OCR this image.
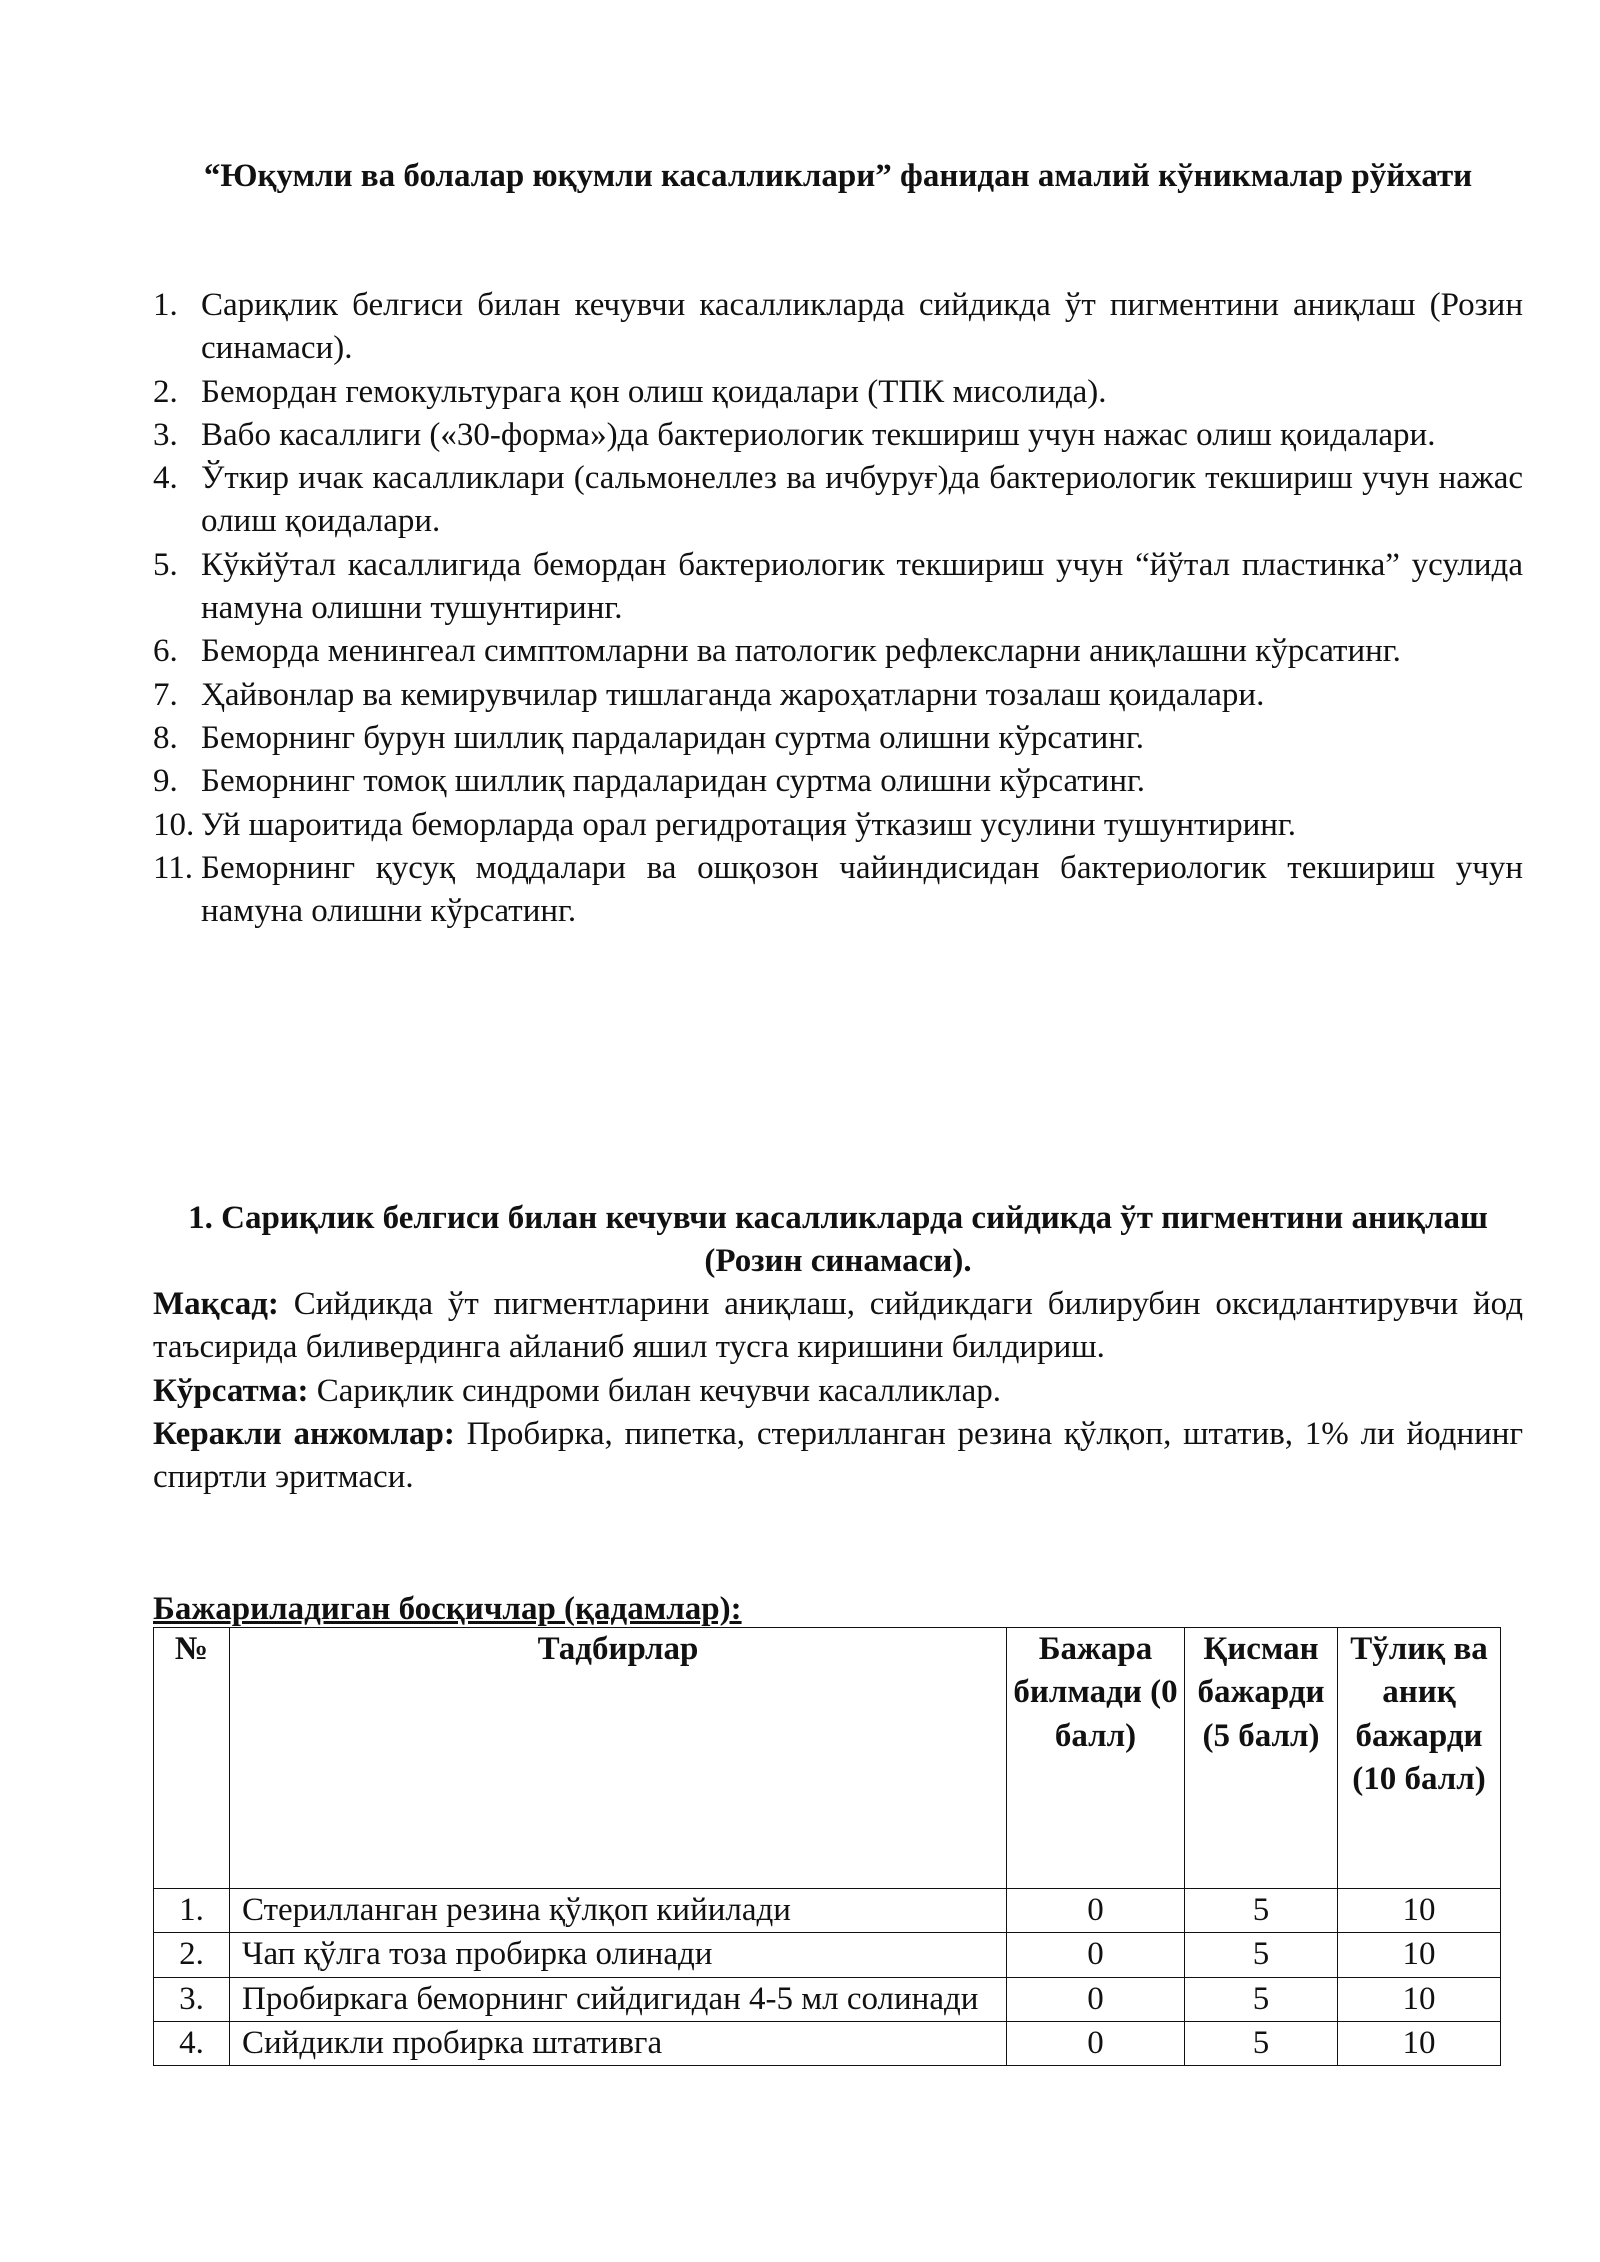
“Юқумли ва болалар юқумли касалликлари” фанидан амалий кўникмалар рўйхати
1. Сариқлик белгиси билан кечувчи касалликларда сийдикда ўт пигментини аниқлаш (Розин синамаси).
2. Бемордан гемокультурага қон олиш қоидалари (ТПК мисолида).
3. Вабо касаллиги («30-форма»)да бактериологик текшириш учун нажас олиш қоидалари.
4. Ўткир ичак касалликлари (сальмонеллез ва ичбуруғ)да бактериологик текшириш учун нажас олиш қоидалари.
5. Кўкйўтал касаллигида бемордан бактериологик текшириш учун “йўтал пластинка” усулида намуна олишни тушунтиринг.
6. Беморда менингеал симптомларни ва патологик рефлексларни аниқлашни кўрсатинг.
7. Ҳайвонлар ва кемирувчилар тишлаганда жароҳатларни тозалаш қоидалари.
8. Беморнинг бурун шиллиқ пардаларидан суртма олишни кўрсатинг.
9. Беморнинг томоқ шиллиқ пардаларидан суртма олишни кўрсатинг.
10. Уй шароитида беморларда орал регидротация ўтказиш усулини тушунтиринг.
11. Беморнинг қусуқ моддалари ва ошқозон чайиндисидан бактериологик текшириш учун намуна олишни кўрсатинг.
1. Сариқлик белгиси билан кечувчи касалликларда сийдикда ўт пигментини аниқлаш (Розин синамаси).

Мақсад: Сийдикда ўт пигментларини аниқлаш, сийдикдаги билирубин оксидлантирувчи йод таъсирида биливердинга айланиб яшил тусга киришини билдириш.

Кўрсатма: Сариқлик синдроми билан кечувчи касалликлар.

Керакли анжомлар: Пробирка, пипетка, стерилланган резина қўлқоп, штатив, 1% ли йоднинг спиртли эритмаси.

Бажариладиган босқичлар (қадамлар):
№	Тадбирлар	Бажара билмади (0 балл)	Қисман бажарди (5 балл)	Тўлиқ ва аниқ бажарди (10 балл)
1.	Стерилланган резина қўлқоп кийилади	0	5	10
2.	Чап қўлга тоза пробирка олинади	0	5	10
3.	Пробиркага беморнинг сийдигидан 4-5 мл солинади	0	5	10
4.	Сийдикли пробирка штативга	0	5	10
